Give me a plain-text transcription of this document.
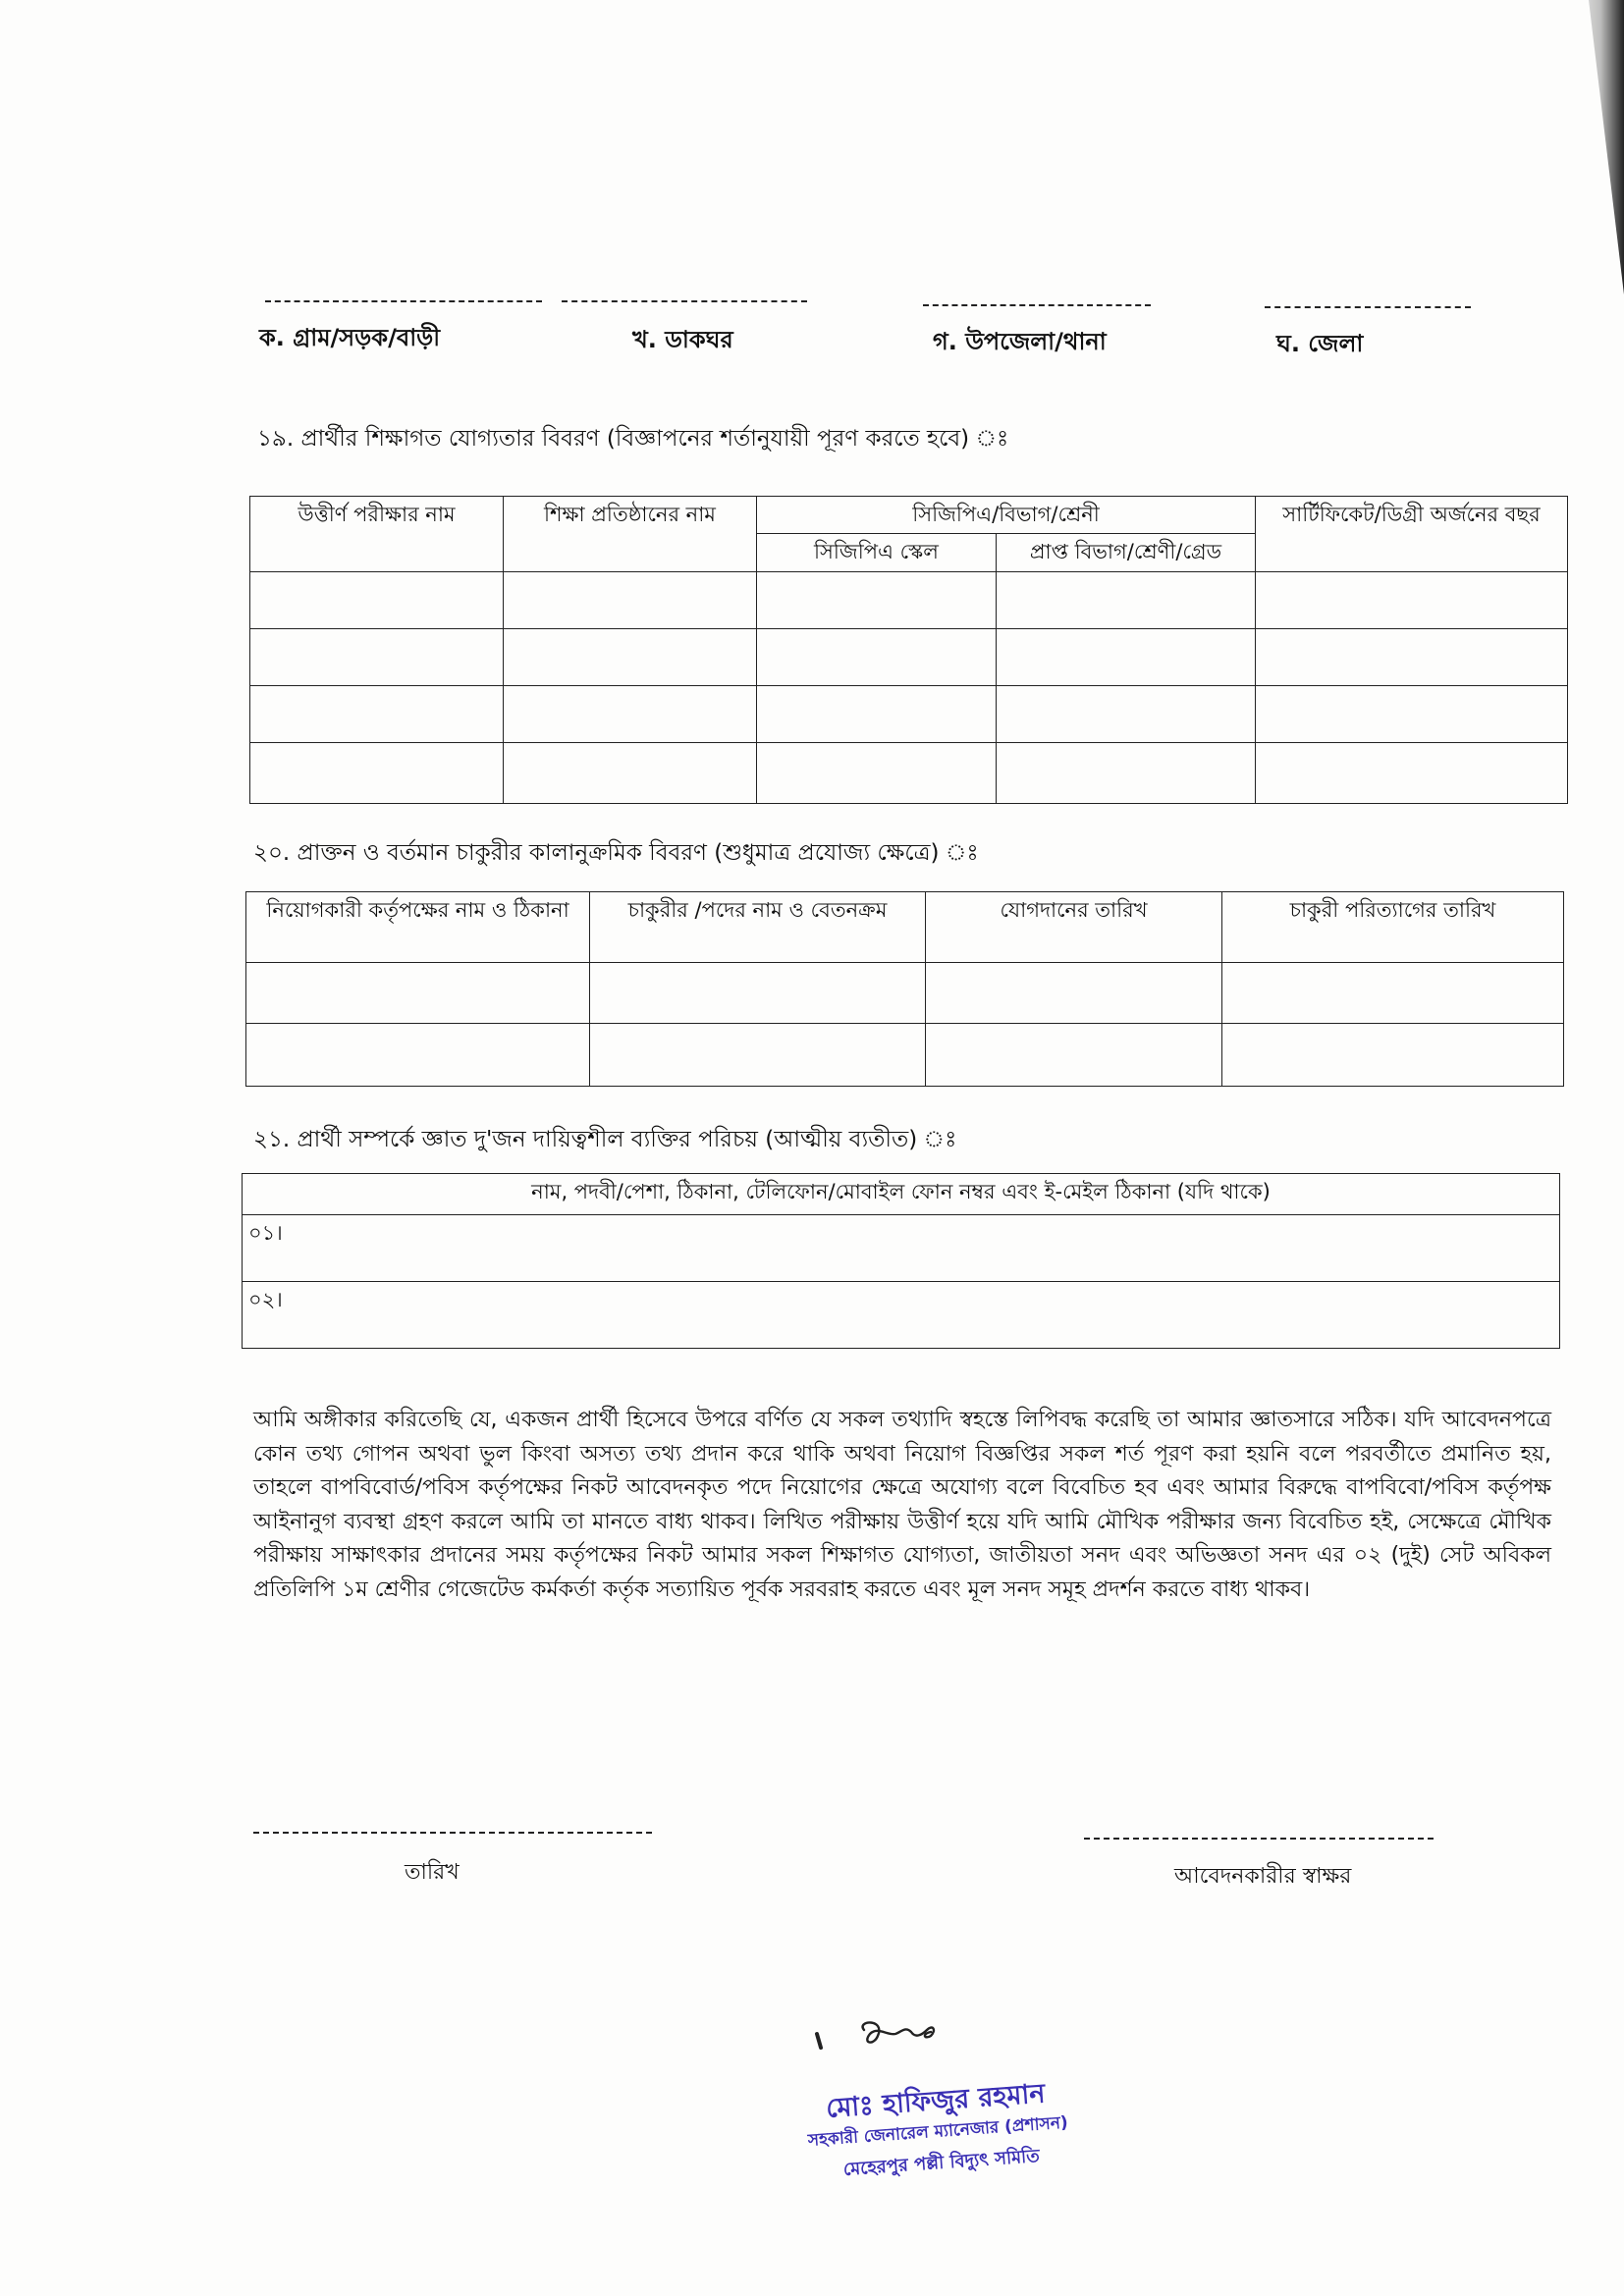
ক. গ্রাম/সড়ক/বাড়ী	খ. ডাকঘর	গ. উপজেলা/থানা	ঘ. জেলা
১৯. প্রার্থীর শিক্ষাগত যোগ্যতার বিবরণ (বিজ্ঞাপনের শর্তানুযায়ী পূরণ করতে হবে) ঃ
উত্তীর্ণ পরীক্ষার নাম	শিক্ষা প্রতিষ্ঠানের নাম	সিজিপিএ/বিভাগ/শ্রেনী		সার্টিফিকেট/ডিগ্রী অর্জনের বছর
		সিজিপিএ স্কেল	প্রাপ্ত বিভাগ/শ্রেণী/গ্রেড	

২০. প্রাক্তন ও বর্তমান চাকুরীর কালানুক্রমিক বিবরণ (শুধুমাত্র প্রযোজ্য ক্ষেত্রে) ঃ
নিয়োগকারী কর্তৃপক্ষের নাম ও ঠিকানা	চাকুরীর /পদের নাম ও বেতনক্রম	যোগদানের তারিখ	চাকুরী পরিত্যাগের তারিখ

২১. প্রার্থী সম্পর্কে জ্ঞাত দু'জন দায়িত্বশীল ব্যক্তির পরিচয় (আত্মীয় ব্যতীত) ঃ
নাম, পদবী/পেশা, ঠিকানা, টেলিফোন/মোবাইল ফোন নম্বর এবং ই-মেইল ঠিকানা (যদি থাকে)
০১।
০২।
আমি অঙ্গীকার করিতেছি যে, একজন প্রার্থী হিসেবে উপরে বর্ণিত যে সকল তথ্যাদি স্বহস্তে লিপিবদ্ধ করেছি তা আমার জ্ঞাতসারে সঠিক। যদি আবেদনপত্রে কোন তথ্য গোপন অথবা ভুল কিংবা অসত্য তথ্য প্রদান করে থাকি অথবা নিয়োগ বিজ্ঞপ্তির সকল শর্ত পূরণ করা হয়নি বলে পরবর্তীতে প্রমানিত হয়, তাহলে বাপবিবোর্ড/পবিস কর্তৃপক্ষের নিকট আবেদনকৃত পদে নিয়োগের ক্ষেত্রে অযোগ্য বলে বিবেচিত হব এবং আমার বিরুদ্ধে বাপবিবো/পবিস কর্তৃপক্ষ আইনানুগ ব্যবস্থা গ্রহণ করলে আমি তা মানতে বাধ্য থাকব। লিখিত পরীক্ষায় উত্তীর্ণ হয়ে যদি আমি মৌখিক পরীক্ষার জন্য বিবেচিত হই, সেক্ষেত্রে মৌখিক পরীক্ষায় সাক্ষাৎকার প্রদানের সময় কর্তৃপক্ষের নিকট আমার সকল শিক্ষাগত যোগ্যতা, জাতীয়তা সনদ এবং অভিজ্ঞতা সনদ এর ০২ (দুই) সেট অবিকল প্রতিলিপি ১ম শ্রেণীর গেজেটেড কর্মকর্তা কর্তৃক সত্যায়িত পূর্বক সরবরাহ করতে এবং মূল সনদ সমূহ প্রদর্শন করতে বাধ্য থাকব।
তারিখ	আবেদনকারীর স্বাক্ষর
মোঃ হাফিজুর রহমান
সহকারী জেনারেল ম্যানেজার (প্রশাসন)
মেহেরপুর পল্লী বিদ্যুৎ সমিতি
